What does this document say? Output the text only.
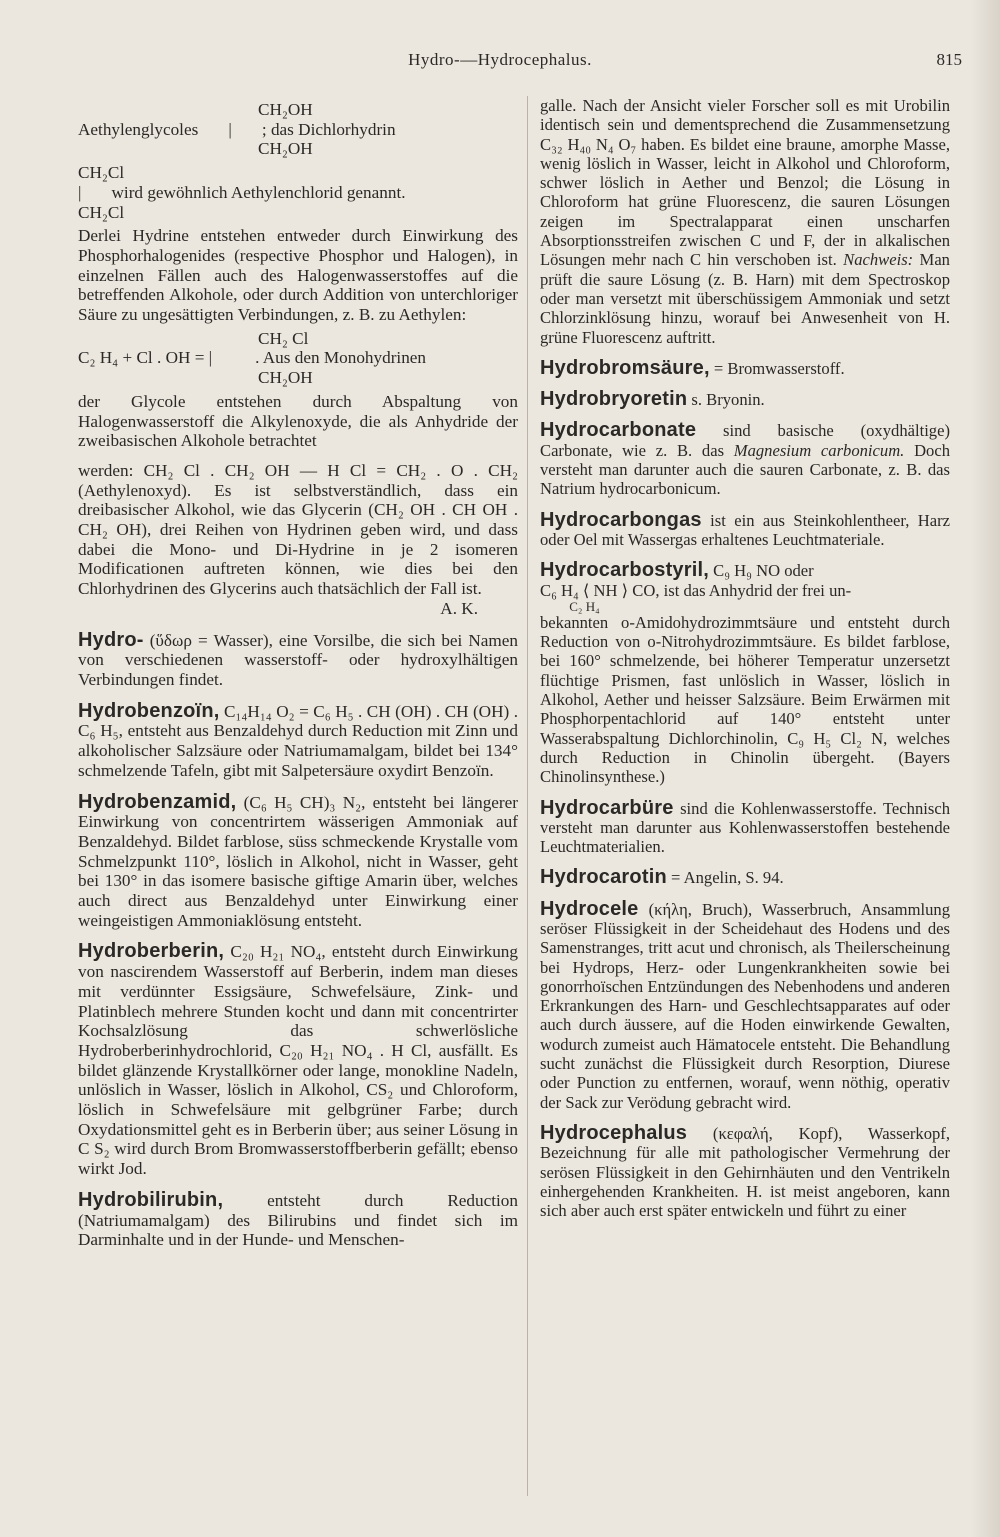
Hydro-—Hydrocephalus.	815
CH₂OH
Aethylenglycoles       |       ; das Dichlorhydrin
CH₂OH
CH₂Cl
|       wird gewöhnlich Aethylenchlorid genannt.
CH₂Cl

Derlei Hydrine entstehen entweder durch Einwirkung des Phosphorhalogenides (respective Phosphor und Halogen), in einzelnen Fällen auch des Halogenwasserstoffes auf die betreffenden Alkohole, oder durch Addition von unterchloriger Säure zu ungesättigten Verbindungen, z. B. zu Aethylen:

CH₂ Cl
C₂ H₄ + Cl . OH = |          . Aus den Monohydrinen
CH₂OH

der Glycole entstehen durch Abspaltung von Halogenwasserstoff die Alkylenoxyde, die als Anhydride der zweibasischen Alkohole betrachtet

werden: CH₂ Cl . CH₂ OH — H Cl = CH₂ . O . CH₂ (Aethylenoxyd). Es ist selbstverständlich, dass ein dreibasischer Alkohol, wie das Glycerin (CH₂ OH . CH OH . CH₂ OH), drei Reihen von Hydrinen geben wird, und dass dabei die Mono- und Di-Hydrine in je 2 isomeren Modificationen auftreten können, wie dies bei den Chlorhydrinen des Glycerins auch thatsächlich der Fall ist.

A. K.

Hydro- (ὕδωρ = Wasser), eine Vorsilbe, die sich bei Namen von verschiedenen wasserstoff- oder hydroxylhältigen Verbindungen findet.

Hydrobenzoïn, C₁₄H₁₄ O₂ = C₆ H₅ . CH (OH) . CH (OH) . C₆ H₅, entsteht aus Benzaldehyd durch Reduction mit Zinn und alkoholischer Salzsäure oder Natriumamalgam, bildet bei 134° schmelzende Tafeln, gibt mit Salpetersäure oxydirt Benzoïn.

Hydrobenzamid, (C₆ H₅ CH)₃ N₂, entsteht bei längerer Einwirkung von concentrirtem wässerigen Ammoniak auf Benzaldehyd. Bildet farblose, süss schmeckende Krystalle vom Schmelzpunkt 110°, löslich in Alkohol, nicht in Wasser, geht bei 130° in das isomere basische giftige Amarin über, welches auch direct aus Benzaldehyd unter Einwirkung einer weingeistigen Ammoniaklösung entsteht.

Hydroberberin, C₂₀ H₂₁ NO₄, entsteht durch Einwirkung von nascirendem Wasserstoff auf Berberin, indem man dieses mit verdünnter Essigsäure, Schwefelsäure, Zink- und Platinblech mehrere Stunden kocht und dann mit concentrirter Kochsalzlösung das schwerlösliche Hydroberberinhydrochlorid, C₂₀ H₂₁ NO₄ . H Cl, ausfällt. Es bildet glänzende Krystallkörner oder lange, monokline Nadeln, unlöslich in Wasser, löslich in Alkohol, CS₂ und Chloroform, löslich in Schwefelsäure mit gelbgrüner Farbe; durch Oxydationsmittel geht es in Berberin über; aus seiner Lösung in C S₂ wird durch Brom Bromwasserstoffberberin gefällt; ebenso wirkt Jod.

Hydrobilirubin, entsteht durch Reduction (Natriumamalgam) des Bilirubins und findet sich im Darminhalte und in der Hunde- und Menschen-

galle. Nach der Ansicht vieler Forscher soll es mit Urobilin identisch sein und dementsprechend die Zusammensetzung C₃₂ H₄₀ N₄ O₇ haben. Es bildet eine braune, amorphe Masse, wenig löslich in Wasser, leicht in Alkohol und Chloroform, schwer löslich in Aether und Benzol; die Lösung in Chloroform hat grüne Fluorescenz, die sauren Lösungen zeigen im Spectralapparat einen unscharfen Absorptionsstreifen zwischen C und F, der in alkalischen Lösungen mehr nach C hin verschoben ist. Nachweis: Man prüft die saure Lösung (z. B. Harn) mit dem Spectroskop oder man versetzt mit überschüssigem Ammoniak und setzt Chlorzinklösung hinzu, worauf bei Anwesenheit von H. grüne Fluorescenz auftritt.

Hydrobromsäure, = Bromwasserstoff.

Hydrobryoretin s. Bryonin.

Hydrocarbonate sind basische (oxydhältige) Carbonate, wie z. B. das Magnesium carbonicum. Doch versteht man darunter auch die sauren Carbonate, z. B. das Natrium hydrocarbonicum.

Hydrocarbongas ist ein aus Steinkohlentheer, Harz oder Oel mit Wassergas erhaltenes Leuchtmateriale.

Hydrocarbostyril, C₉ H₉ NO oder

C₆ H₄ ⟨ NH ⟩ CO, ist das Anhydrid der frei un-
C₂ H₄

bekannten o-Amidohydrozimmtsäure und entsteht durch Reduction von o-Nitrohydrozimmtsäure. Es bildet farblose, bei 160° schmelzende, bei höherer Temperatur unzersetzt flüchtige Prismen, fast unlöslich in Wasser, löslich in Alkohol, Aether und heisser Salzsäure. Beim Erwärmen mit Phosphorpentachlorid auf 140° entsteht unter Wasserabspaltung Dichlorchinolin, C₉ H₅ Cl₂ N, welches durch Reduction in Chinolin übergeht. (Bayers Chinolinsynthese.)

Hydrocarbüre sind die Kohlenwasserstoffe. Technisch versteht man darunter aus Kohlenwasserstoffen bestehende Leuchtmaterialien.

Hydrocarotin = Angelin, S. 94.

Hydrocele (κήλη, Bruch), Wasserbruch, Ansammlung seröser Flüssigkeit in der Scheidehaut des Hodens und des Samenstranges, tritt acut und chronisch, als Theilerscheinung bei Hydrops, Herz- oder Lungenkrankheiten sowie bei gonorrhoïschen Entzündungen des Nebenhodens und anderen Erkrankungen des Harn- und Geschlechtsapparates auf oder auch durch äussere, auf die Hoden einwirkende Gewalten, wodurch zumeist auch Hämatocele entsteht. Die Behandlung sucht zunächst die Flüssigkeit durch Resorption, Diurese oder Punction zu entfernen, worauf, wenn nöthig, operativ der Sack zur Verödung gebracht wird.

Hydrocephalus (κεφαλή, Kopf), Wasserkopf, Bezeichnung für alle mit pathologischer Vermehrung der serösen Flüssigkeit in den Gehirnhäuten und den Ventrikeln einhergehenden Krankheiten. H. ist meist angeboren, kann sich aber auch erst später entwickeln und führt zu einer
